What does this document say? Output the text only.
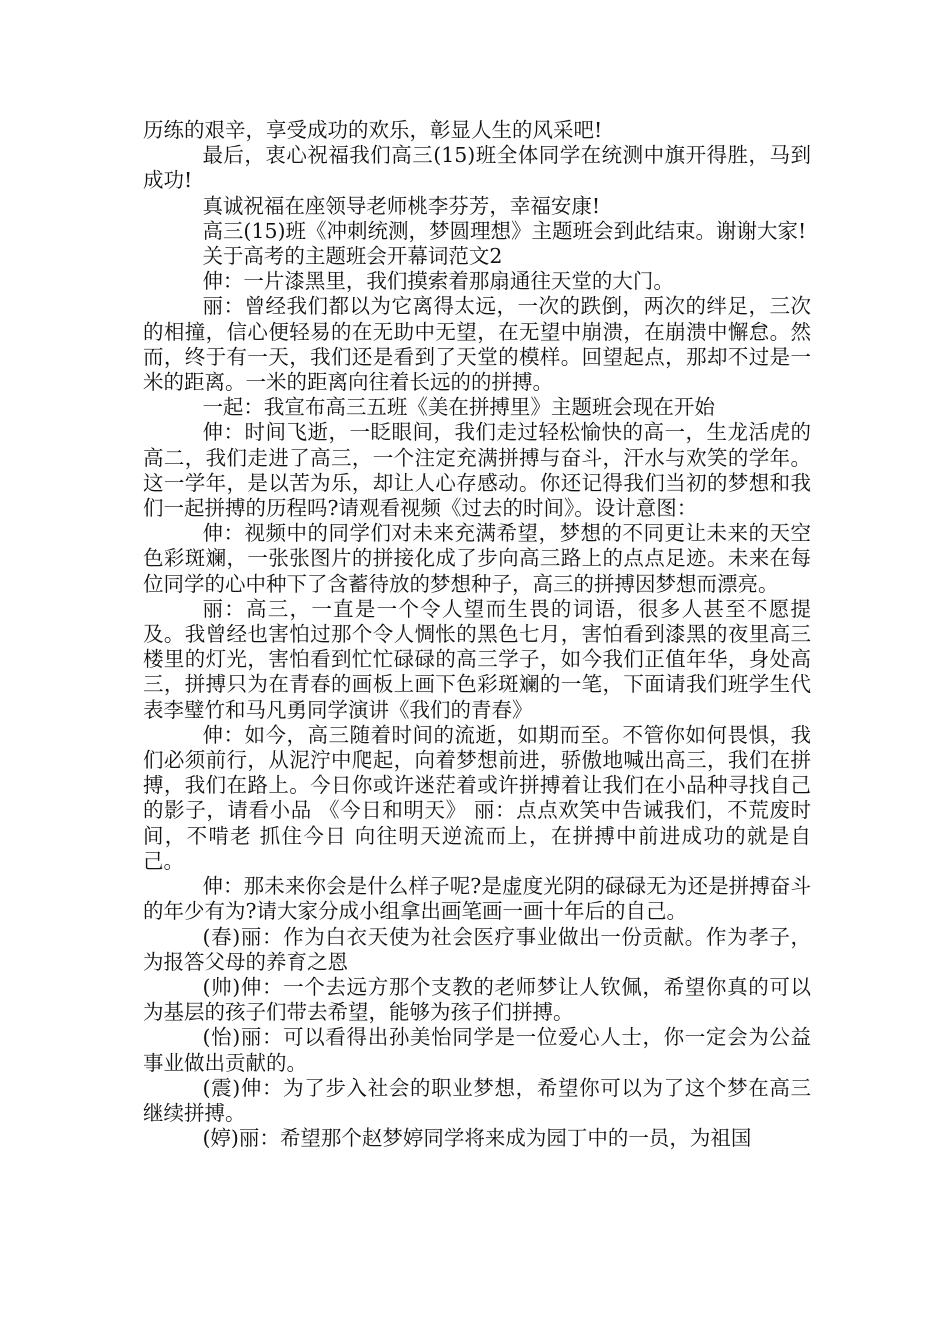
历练的艰辛，享受成功的欢乐，彰显人生的风采吧!

最后，衷心祝福我们高三(15)班全体同学在统测中旗开得胜，马到成功!

真诚祝福在座领导老师桃李芬芳，幸福安康!

高三(15)班《冲刺统测，梦圆理想》主题班会到此结束。谢谢大家!

关于高考的主题班会开幕词范文2

伸：一片漆黑里，我们摸索着那扇通往天堂的大门。

丽：曾经我们都以为它离得太远，一次的跌倒，两次的绊足，三次的相撞，信心便轻易的在无助中无望，在无望中崩溃，在崩溃中懈怠。然而，终于有一天，我们还是看到了天堂的模样。回望起点，那却不过是一米的距离。一米的距离向往着长远的的拼搏。

一起：我宣布高三五班《美在拼搏里》主题班会现在开始

伸：时间飞逝，一眨眼间，我们走过轻松愉快的高一，生龙活虎的高二，我们走进了高三，一个注定充满拼搏与奋斗，汗水与欢笑的学年。这一学年，是以苦为乐，却让人心存感动。你还记得我们当初的梦想和我们一起拼搏的历程吗?请观看视频《过去的时间》。设计意图：

伸：视频中的同学们对未来充满希望，梦想的不同更让未来的天空色彩斑斓，一张张图片的拼接化成了步向高三路上的点点足迹。未来在每位同学的心中种下了含蓄待放的梦想种子，高三的拼搏因梦想而漂亮。

丽：高三，一直是一个令人望而生畏的词语，很多人甚至不愿提及。我曾经也害怕过那个令人惆怅的黑色七月，害怕看到漆黑的夜里高三楼里的灯光，害怕看到忙忙碌碌的高三学子，如今我们正值年华，身处高三，拼搏只为在青春的画板上画下色彩斑斓的一笔，下面请我们班学生代表李璧竹和马凡勇同学演讲《我们的青春》

伸：如今，高三随着时间的流逝，如期而至。不管你如何畏惧，我们必须前行，从泥泞中爬起，向着梦想前进，骄傲地喊出高三，我们在拼搏，我们在路上。今日你或许迷茫着或许拼搏着让我们在小品种寻找自己的影子，请看小品 《今日和明天》 丽：点点欢笑中告诫我们，不荒废时间，不啃老 抓住今日 向往明天逆流而上，在拼搏中前进成功的就是自己。

伸：那未来你会是什么样子呢?是虚度光阴的碌碌无为还是拼搏奋斗的年少有为?请大家分成小组拿出画笔画一画十年后的自己。

(春)丽：作为白衣天使为社会医疗事业做出一份贡献。作为孝子，为报答父母的养育之恩

(帅)伸：一个去远方那个支教的老师梦让人钦佩，希望你真的可以为基层的孩子们带去希望，能够为孩子们拼搏。

(怡)丽：可以看得出孙美怡同学是一位爱心人士，你一定会为公益事业做出贡献的。

(震)伸：为了步入社会的职业梦想，希望你可以为了这个梦在高三继续拼搏。

(婷)丽：希望那个赵梦婷同学将来成为园丁中的一员，为祖国
